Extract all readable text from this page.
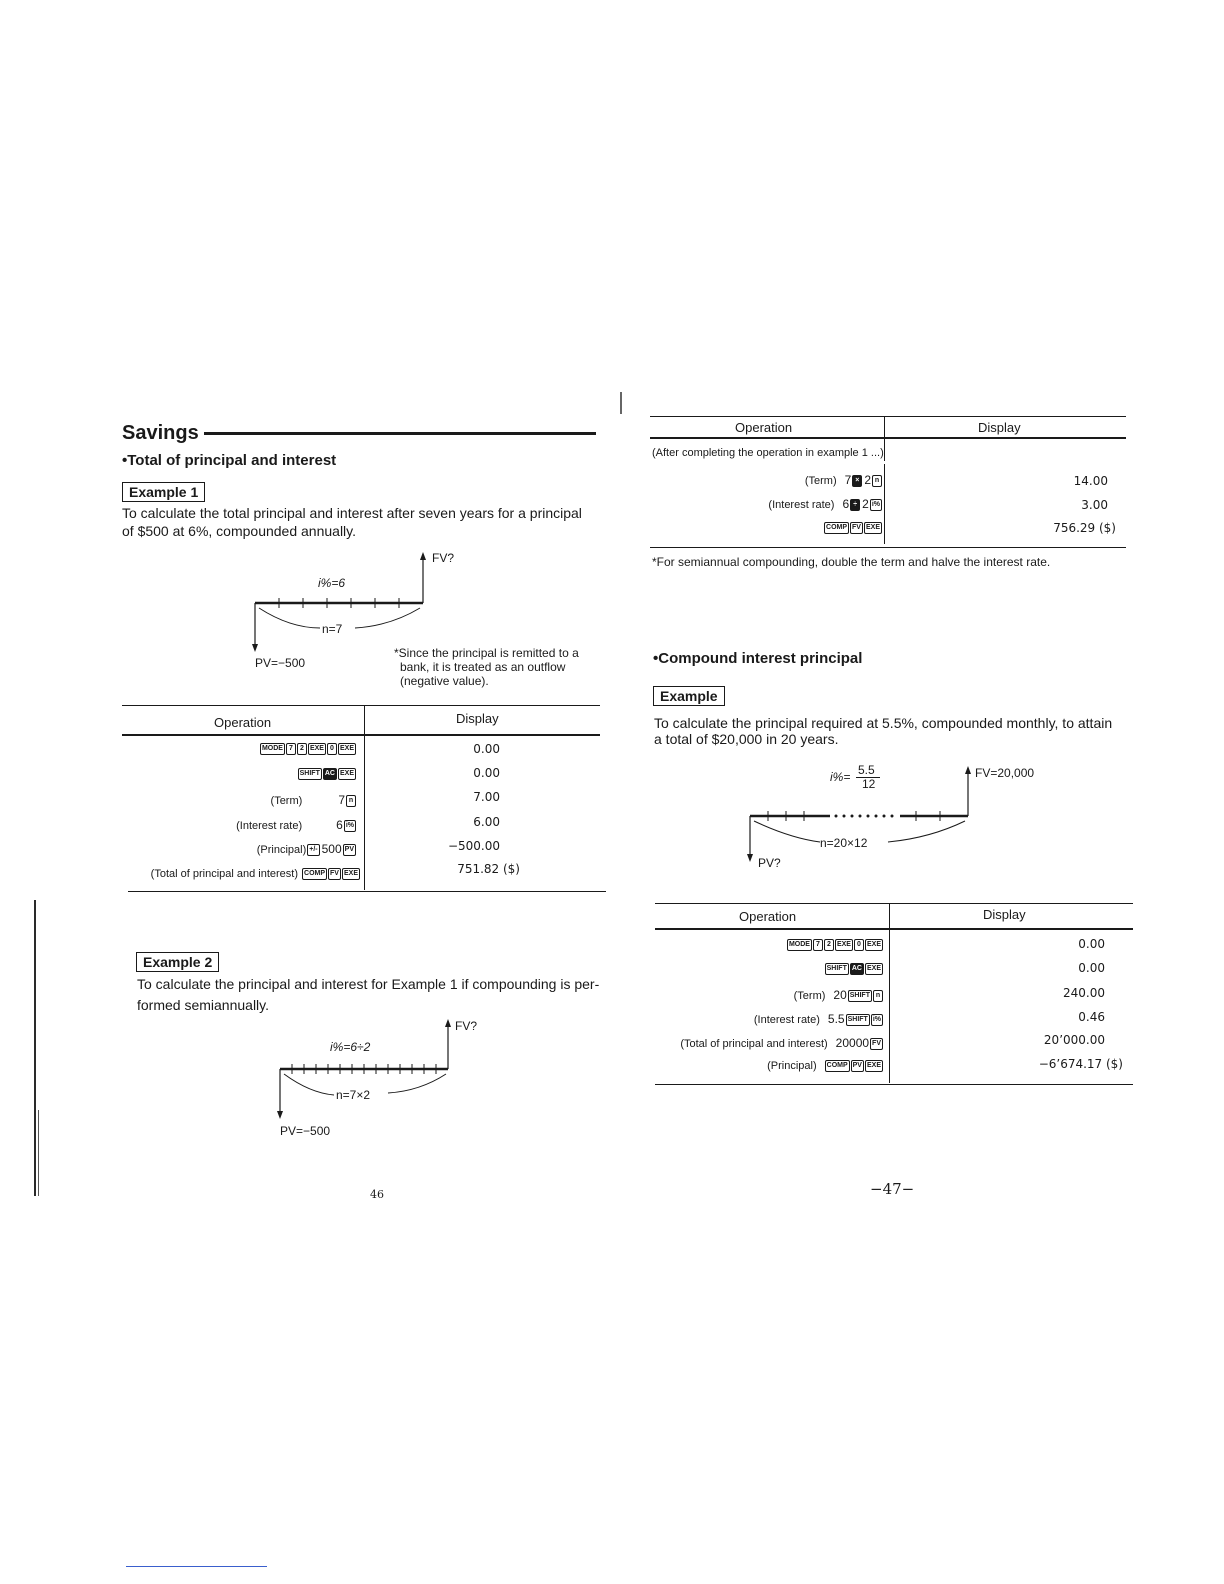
Savings
•Total of principal and interest
Example 1
To calculate the total principal and interest after seven years for a principal
of $500 at 6%, compounded annually.
FV?
i%=6
n=7
PV=−500
*Since the principal is remitted to a
bank, it is treated as an outflow
(negative value).
Operation	Display
MODE 7 2 EXE 0 EXE	0.00
SHIFT AC EXE	0.00
(Term)	7 n	7.00
(Interest rate)	6 i%	6.00
(Principal) +/- 500 PV	−500.00
(Total of principal and interest) COMP FV EXE	751.82 ($)
Example 2
To calculate the principal and interest for Example 1 if compounding is per-
formed semiannually.
FV?
i%=6÷2
n=7×2
PV=−500
46
Operation	Display
(After completing the operation in example 1 ...)
(Term) 7 × 2 n	14.00
(Interest rate) 6 ÷ 2 i%	3.00
COMP FV EXE	756.29 ($)
*For semiannual compounding, double the term and halve the interest rate.
•Compound interest principal
Example
To calculate the principal required at 5.5%, compounded monthly, to attain
a total of $20,000 in 20 years.
i%= 5.5
12
FV=20,000
n=20×12
PV?
Operation	Display
MODE 7 2 EXE 0 EXE	0.00
SHIFT AC EXE	0.00
(Term) 20 SHIFT n	240.00
(Interest rate) 5.5 SHIFT i%	0.46
(Total of principal and interest) 20000 FV	20’000.00
(Principal) COMP PV EXE	−6’674.17 ($)
−47−
